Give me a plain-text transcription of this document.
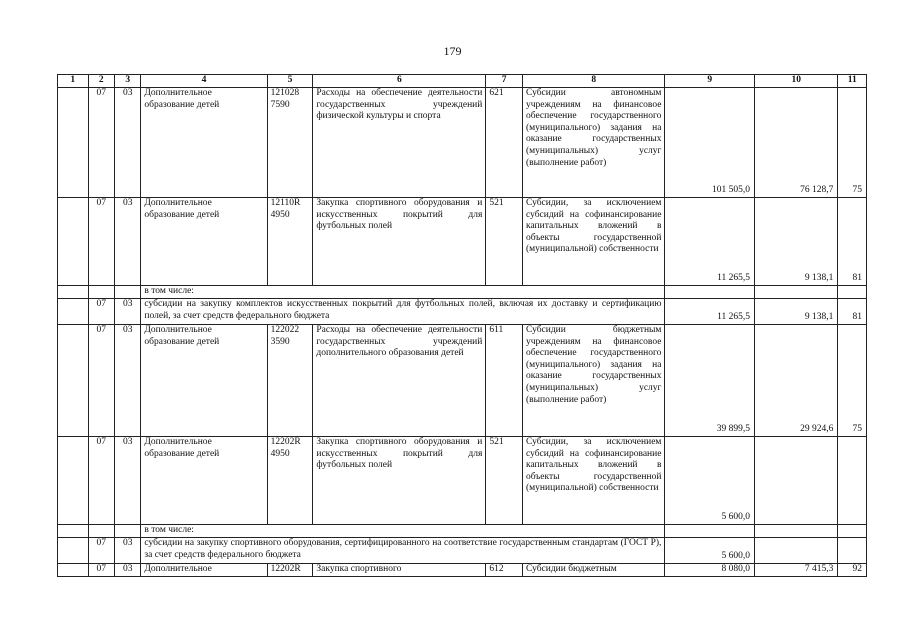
179
1	2	3	4	5	6	7	8	9	10	11
	07	03	Дополнительное образование детей	121028 7590	Расходы на обеспечение деятельности государственных учреждений физической культуры и спорта	621	Субсидии автономным учреждениям на финансовое обеспечение государственного (муниципального) задания на оказание государственных (муниципальных) услуг (выполнение работ)	101 505,0	76 128,7	75
	07	03	Дополнительное образование детей	12110R 4950	Закупка спортивного оборудования и искусственных покрытий для футбольных полей	521	Субсидии, за исключением субсидий на софинансирование капитальных вложений в объекты государственной (муниципальной) собственности	11 265,5	9 138,1	81
			в том числе:							
	07	03	субсидии на закупку комплектов искусственных покрытий для футбольных полей, включая их доставку и сертификацию полей, за счет средств федерального бюджета					11 265,5	9 138,1	81
	07	03	Дополнительное образование детей	122022 3590	Расходы на обеспечение деятельности государственных учреждений дополнительного образования детей	611	Субсидии бюджетным учреждениям на финансовое обеспечение государственного (муниципального) задания на оказание государственных (муниципальных) услуг (выполнение работ)	39 899,5	29 924,6	75
	07	03	Дополнительное образование детей	12202R 4950	Закупка спортивного оборудования и искусственных покрытий для футбольных полей	521	Субсидии, за исключением субсидий на софинансирование капитальных вложений в объекты государственной (муниципальной) собственности	5 600,0		
			в том числе:							
	07	03	субсидии на закупку спортивного оборудования, сертифицированного на соответствие государственным стандартам (ГОСТ Р), за счет средств федерального бюджета					5 600,0		
	07	03	Дополнительное	12202R	Закупка спортивного	612	Субсидии бюджетным	8 080,0	7 415,3	92
